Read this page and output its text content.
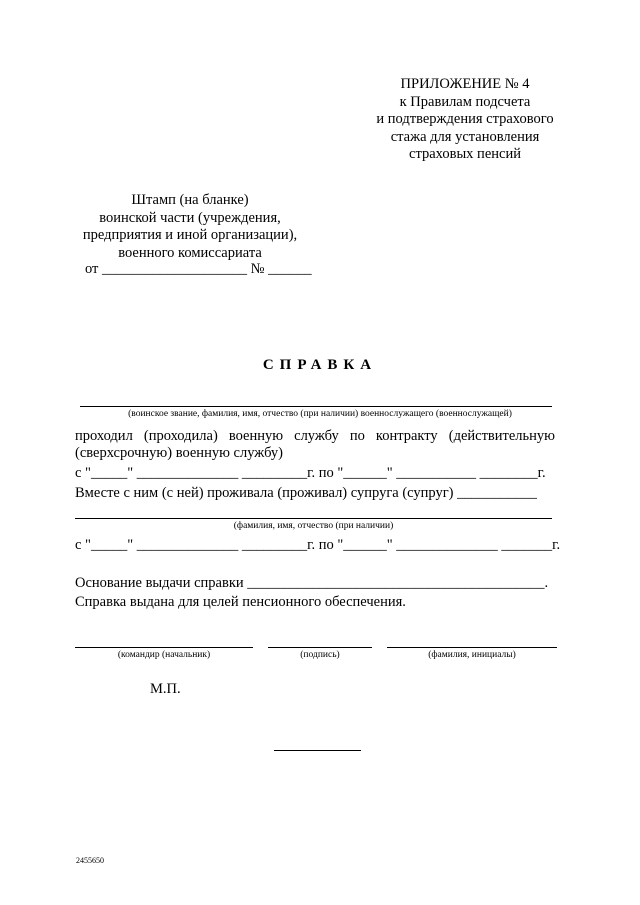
ПРИЛОЖЕНИЕ № 4
к Правилам подсчета
и подтверждения страхового
стажа для установления
страховых пенсий
Штамп (на бланке)
воинской части (учреждения,
предприятия и иной организации),
военного комиссариата
от ____________________ № ______
СПРАВКА
(воинское звание, фамилия, имя, отчество (при наличии) военнослужащего (военнослужащей)
проходил (проходила) военную службу по контракту (действительную
(сверхсрочную) военную службу)
с "_____" ______________ _________г. по "______" ___________ ________г.
Вместе с ним (с ней) проживала (проживал) супруга (супруг) ___________
(фамилия, имя, отчество (при наличии)
с "_____" ______________ _________г. по "______" ______________ _______г.
Основание выдачи справки _________________________________________.
Справка выдана для целей пенсионного обеспечения.
(командир (начальник)	(подпись)	(фамилия, инициалы)
М.П.
2455650
